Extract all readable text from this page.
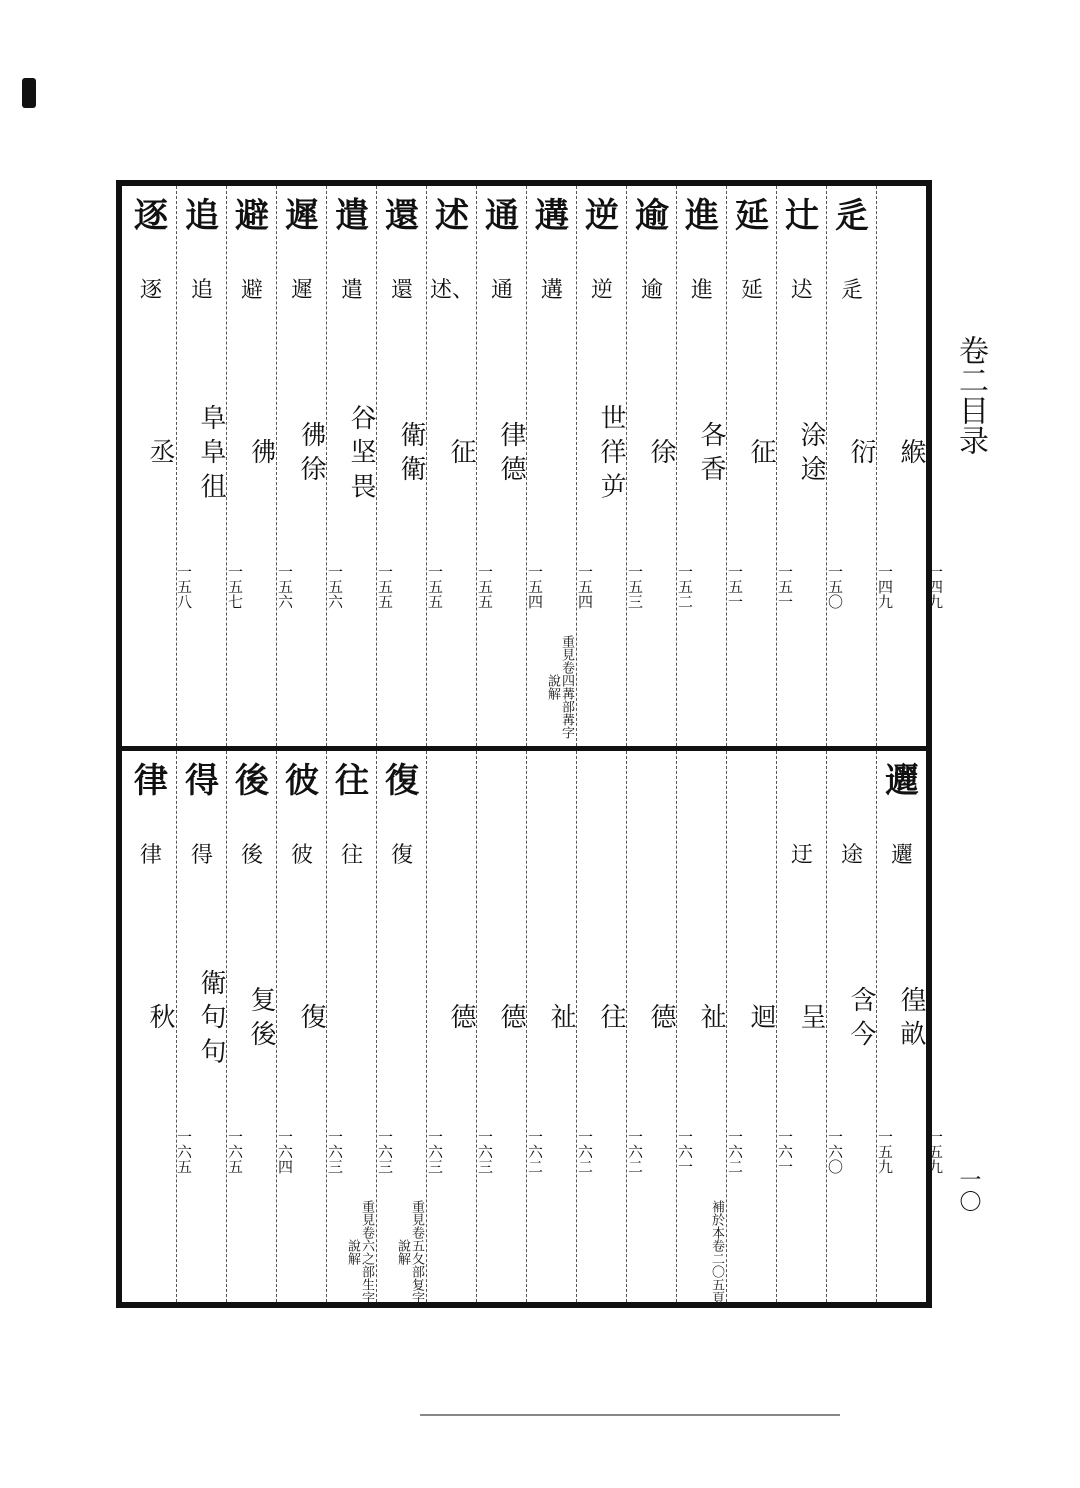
卷二目录
緱
一四九
辵
辵
衍
一四九
辻
迖
涂 途
一五〇
延
延
征
一五一
進
進
各 香
一五一
逾
逾
徐
一五二
逆
逆
世 徉 屰
一五三
遘
遘
一五四
重見卷四冓部冓字說解
通
通
律 德
一五四
述
述、
征
一五五
還
還
衛 衛
一五五
遣
遣
谷 坚 畏
一五五
遲
遲
彿 徐
一五六
避
避
彿
一五六
追
追
阜 阜 徂
一五七
逐
逐
丞
一五八
邐
邐
徨 畝
一五九
途
含 今
一五九
迂
呈
一六〇
迴
一六一
祉
一六二
補於本卷二〇五頁
德
一六一
往
一六二
祉
一六二
德
一六二
德
一六三
復
復
一六三
重見卷五夂部复字說解
往
往
一六三
重見卷六之部生字說解
彼
彼
復
一六三
後
後
复 後
一六四
得
得
衛 句 句
一六五
律
律
秋
一六五
一〇
